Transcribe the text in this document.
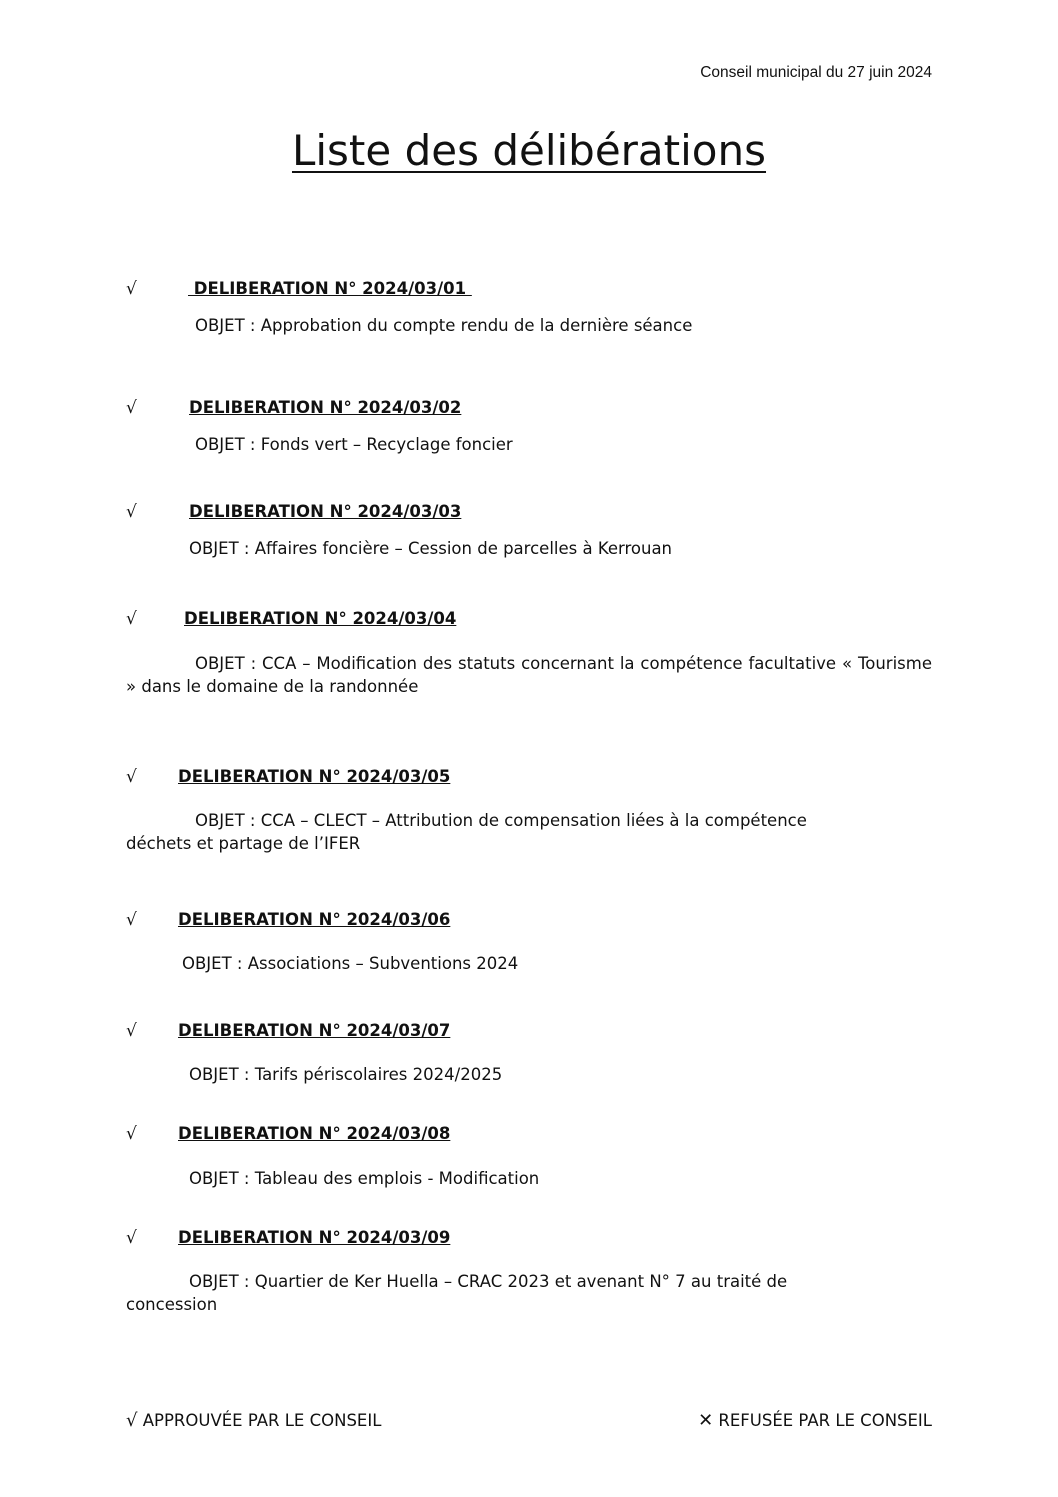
Conseil municipal du 27 juin 2024
Liste des délibérations
√	DELIBERATION N° 2024/03/01
OBJET : Approbation du compte rendu de la dernière séance
√	DELIBERATION N° 2024/03/02
OBJET : Fonds vert – Recyclage foncier
√	DELIBERATION N° 2024/03/03
OBJET : Affaires foncière – Cession de parcelles à Kerrouan
√	DELIBERATION N° 2024/03/04
OBJET : CCA – Modification des statuts concernant la compétence facultative « Tourisme » dans le domaine de la randonnée
√ DELIBERATION N° 2024/03/05
OBJET : CCA – CLECT – Attribution de compensation liées à la compétence déchets et partage de l’IFER
√ DELIBERATION N° 2024/03/06
OBJET : Associations – Subventions 2024
√ DELIBERATION N° 2024/03/07
OBJET : Tarifs périscolaires 2024/2025
√ DELIBERATION N° 2024/03/08
OBJET : Tableau des emplois - Modification
√ DELIBERATION N° 2024/03/09
OBJET : Quartier de Ker Huella – CRAC 2023 et avenant N° 7 au traité de concession
√ APPROUVÉE PAR LE CONSEIL	✕ REFUSÉE PAR LE CONSEIL
